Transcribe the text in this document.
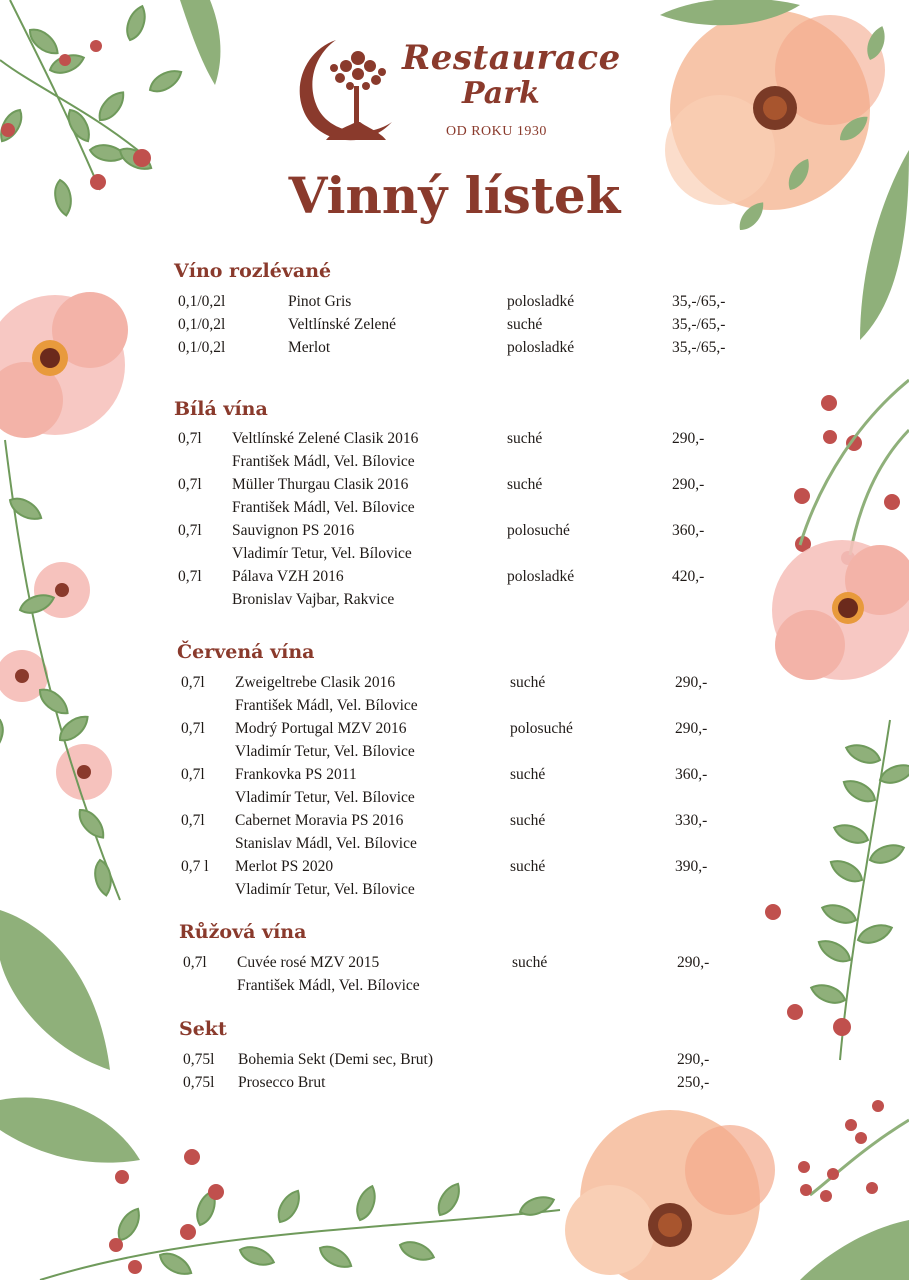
Restaurace
Park
OD ROKU 1930
Vinný lístek
Víno rozlévané
0,1/0,2l	Pinot Gris	polosladké	35,-/65,-
0,1/0,2l	Veltlínské Zelené	suché	35,-/65,-
0,1/0,2l	Merlot	polosladké	35,-/65,-
Bílá vína
0,7l Veltlínské Zelené Clasik 2016	suché	290,-
František Mádl, Vel. Bílovice
0,7l Müller Thurgau Clasik 2016	suché	290,-
František Mádl, Vel. Bílovice
0,7l Sauvignon PS 2016	polosuché	360,-
Vladimír Tetur, Vel. Bílovice
0,7l Pálava VZH 2016	polosladké	420,-
Bronislav Vajbar, Rakvice
Červená vína
0,7l Zweigeltrebe Clasik 2016	suché	290,-
František Mádl, Vel. Bílovice
0,7l Modrý Portugal MZV 2016	polosuché	290,-
Vladimír Tetur, Vel. Bílovice
0,7l Frankovka PS 2011	suché	360,-
Vladimír Tetur, Vel. Bílovice
0,7l Cabernet Moravia PS 2016	suché	330,-
Stanislav Mádl, Vel. Bílovice
0,7 l Merlot PS 2020	suché	390,-
Vladimír Tetur, Vel. Bílovice
Růžová vína
0,7l Cuvée rosé MZV 2015	suché	290,-
František Mádl, Vel. Bílovice
Sekt
0,75l Bohemia Sekt (Demi sec, Brut)	290,-
0,75l Prosecco Brut	250,-
